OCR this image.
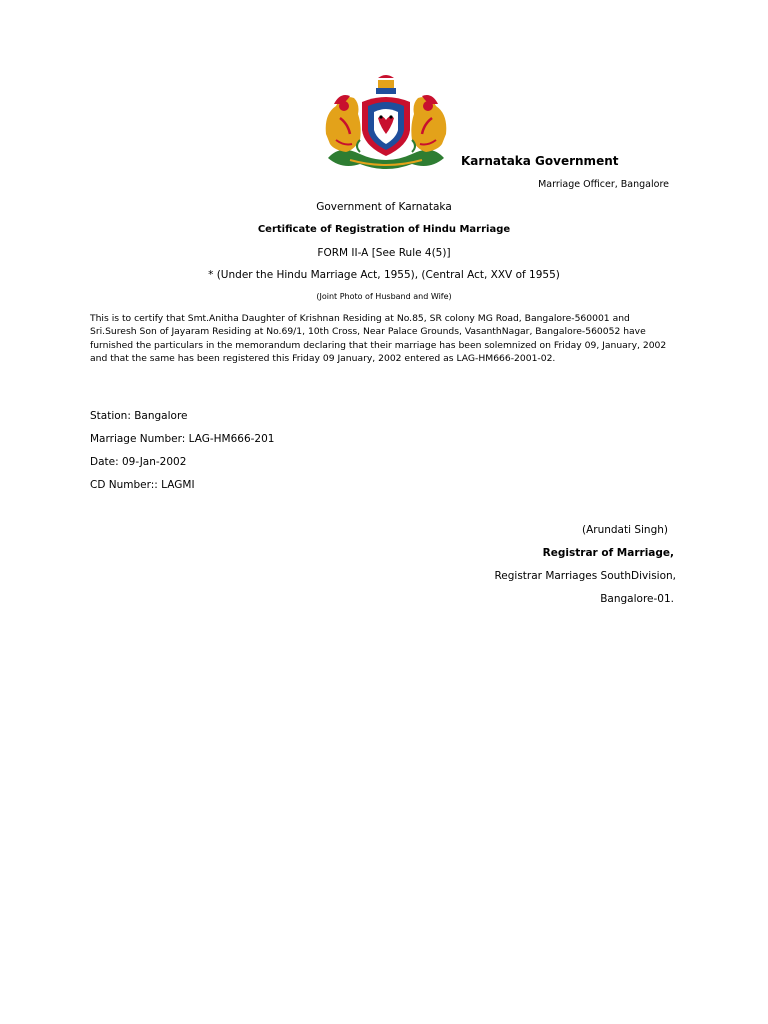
Karnataka Government
Marriage Officer, Bangalore
Government of Karnataka
Certificate of Registration of Hindu Marriage
FORM II-A [See Rule 4(5)]
* (Under the Hindu Marriage Act, 1955), (Central Act, XXV of 1955)
(Joint Photo of Husband and Wife)
This is to certify that Smt.Anitha Daughter of Krishnan Residing at No.85, SR colony MG Road, Bangalore-560001 and Sri.Suresh Son of Jayaram Residing at No.69/1, 10th Cross, Near Palace Grounds, VasanthNagar, Bangalore-560052 have furnished the particulars in the memorandum declaring that their marriage has been solemnized on Friday 09, January, 2002 and that the same has been registered this Friday 09 January, 2002 entered as LAG-HM666-2001-02.
Station: Bangalore
Marriage Number: LAG-HM666-201
Date: 09-Jan-2002
CD Number:: LAGMI
(Arundati Singh)
Registrar of Marriage,
Registrar Marriages SouthDivision,
Bangalore-01.
